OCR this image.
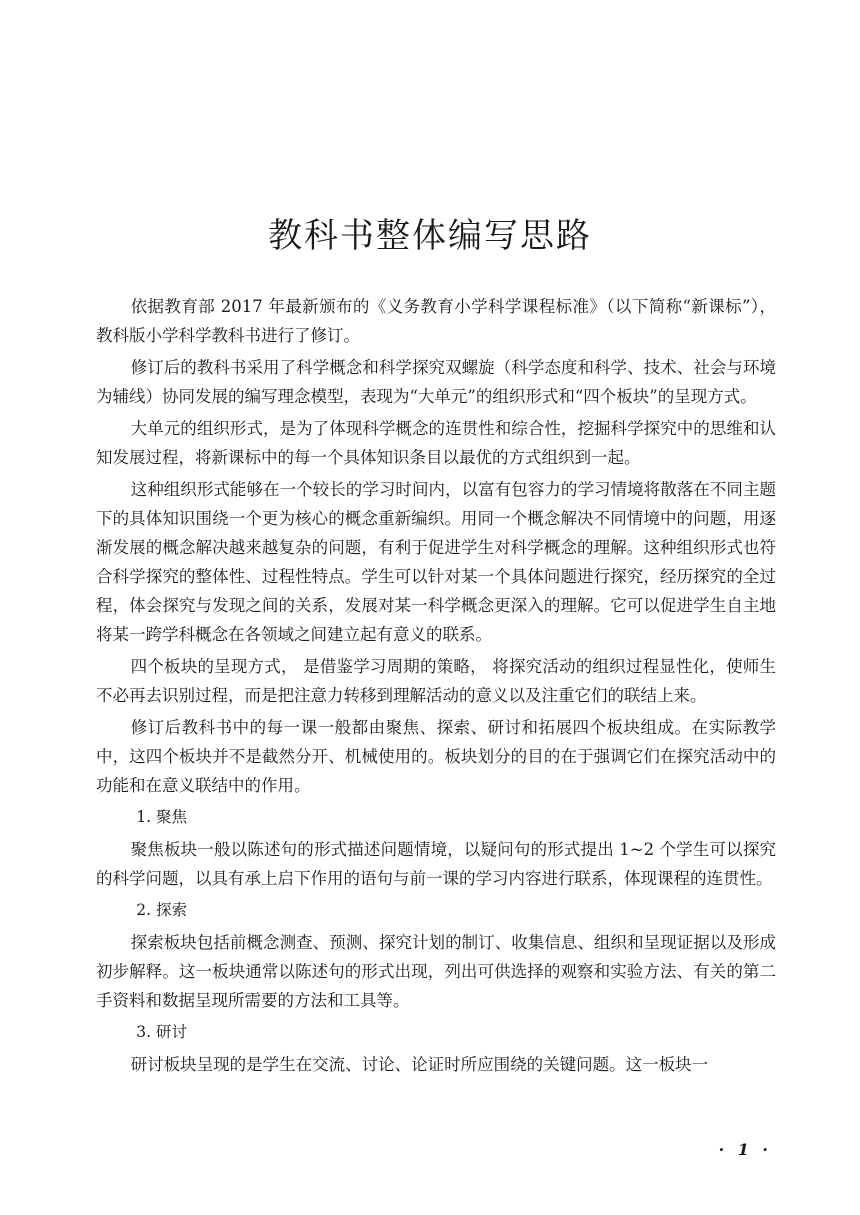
教科书整体编写思路

依据教育部 2017 年最新颁布的《义务教育小学科学课程标准》（以下简称“新课标”），教科版小学科学教科书进行了修订。

修订后的教科书采用了科学概念和科学探究双螺旋（科学态度和科学、技术、社会与环境为辅线）协同发展的编写理念模型，表现为“大单元”的组织形式和“四个板块”的呈现方式。

大单元的组织形式，是为了体现科学概念的连贯性和综合性，挖掘科学探究中的思维和认知发展过程，将新课标中的每一个具体知识条目以最优的方式组织到一起。

这种组织形式能够在一个较长的学习时间内，以富有包容力的学习情境将散落在不同主题下的具体知识围绕一个更为核心的概念重新编织。用同一个概念解决不同情境中的问题，用逐渐发展的概念解决越来越复杂的问题，有利于促进学生对科学概念的理解。这种组织形式也符合科学探究的整体性、过程性特点。学生可以针对某一个具体问题进行探究，经历探究的全过程，体会探究与发现之间的关系，发展对某一科学概念更深入的理解。它可以促进学生自主地将某一跨学科概念在各领域之间建立起有意义的联系。

四个板块的呈现方式， 是借鉴学习周期的策略， 将探究活动的组织过程显性化，使师生不必再去识别过程，而是把注意力转移到理解活动的意义以及注重它们的联结上来。

修订后教科书中的每一课一般都由聚焦、探索、研讨和拓展四个板块组成。在实际教学中，这四个板块并不是截然分开、机械使用的。板块划分的目的在于强调它们在探究活动中的功能和在意义联结中的作用。

1. 聚焦

聚焦板块一般以陈述句的形式描述问题情境，以疑问句的形式提出 1~2 个学生可以探究的科学问题，以具有承上启下作用的语句与前一课的学习内容进行联系，体现课程的连贯性。

2. 探索

探索板块包括前概念测查、预测、探究计划的制订、收集信息、组织和呈现证据以及形成初步解释。这一板块通常以陈述句的形式出现，列出可供选择的观察和实验方法、有关的第二手资料和数据呈现所需要的方法和工具等。

3. 研讨

研讨板块呈现的是学生在交流、讨论、论证时所应围绕的关键问题。这一板块一

· 1 ·
